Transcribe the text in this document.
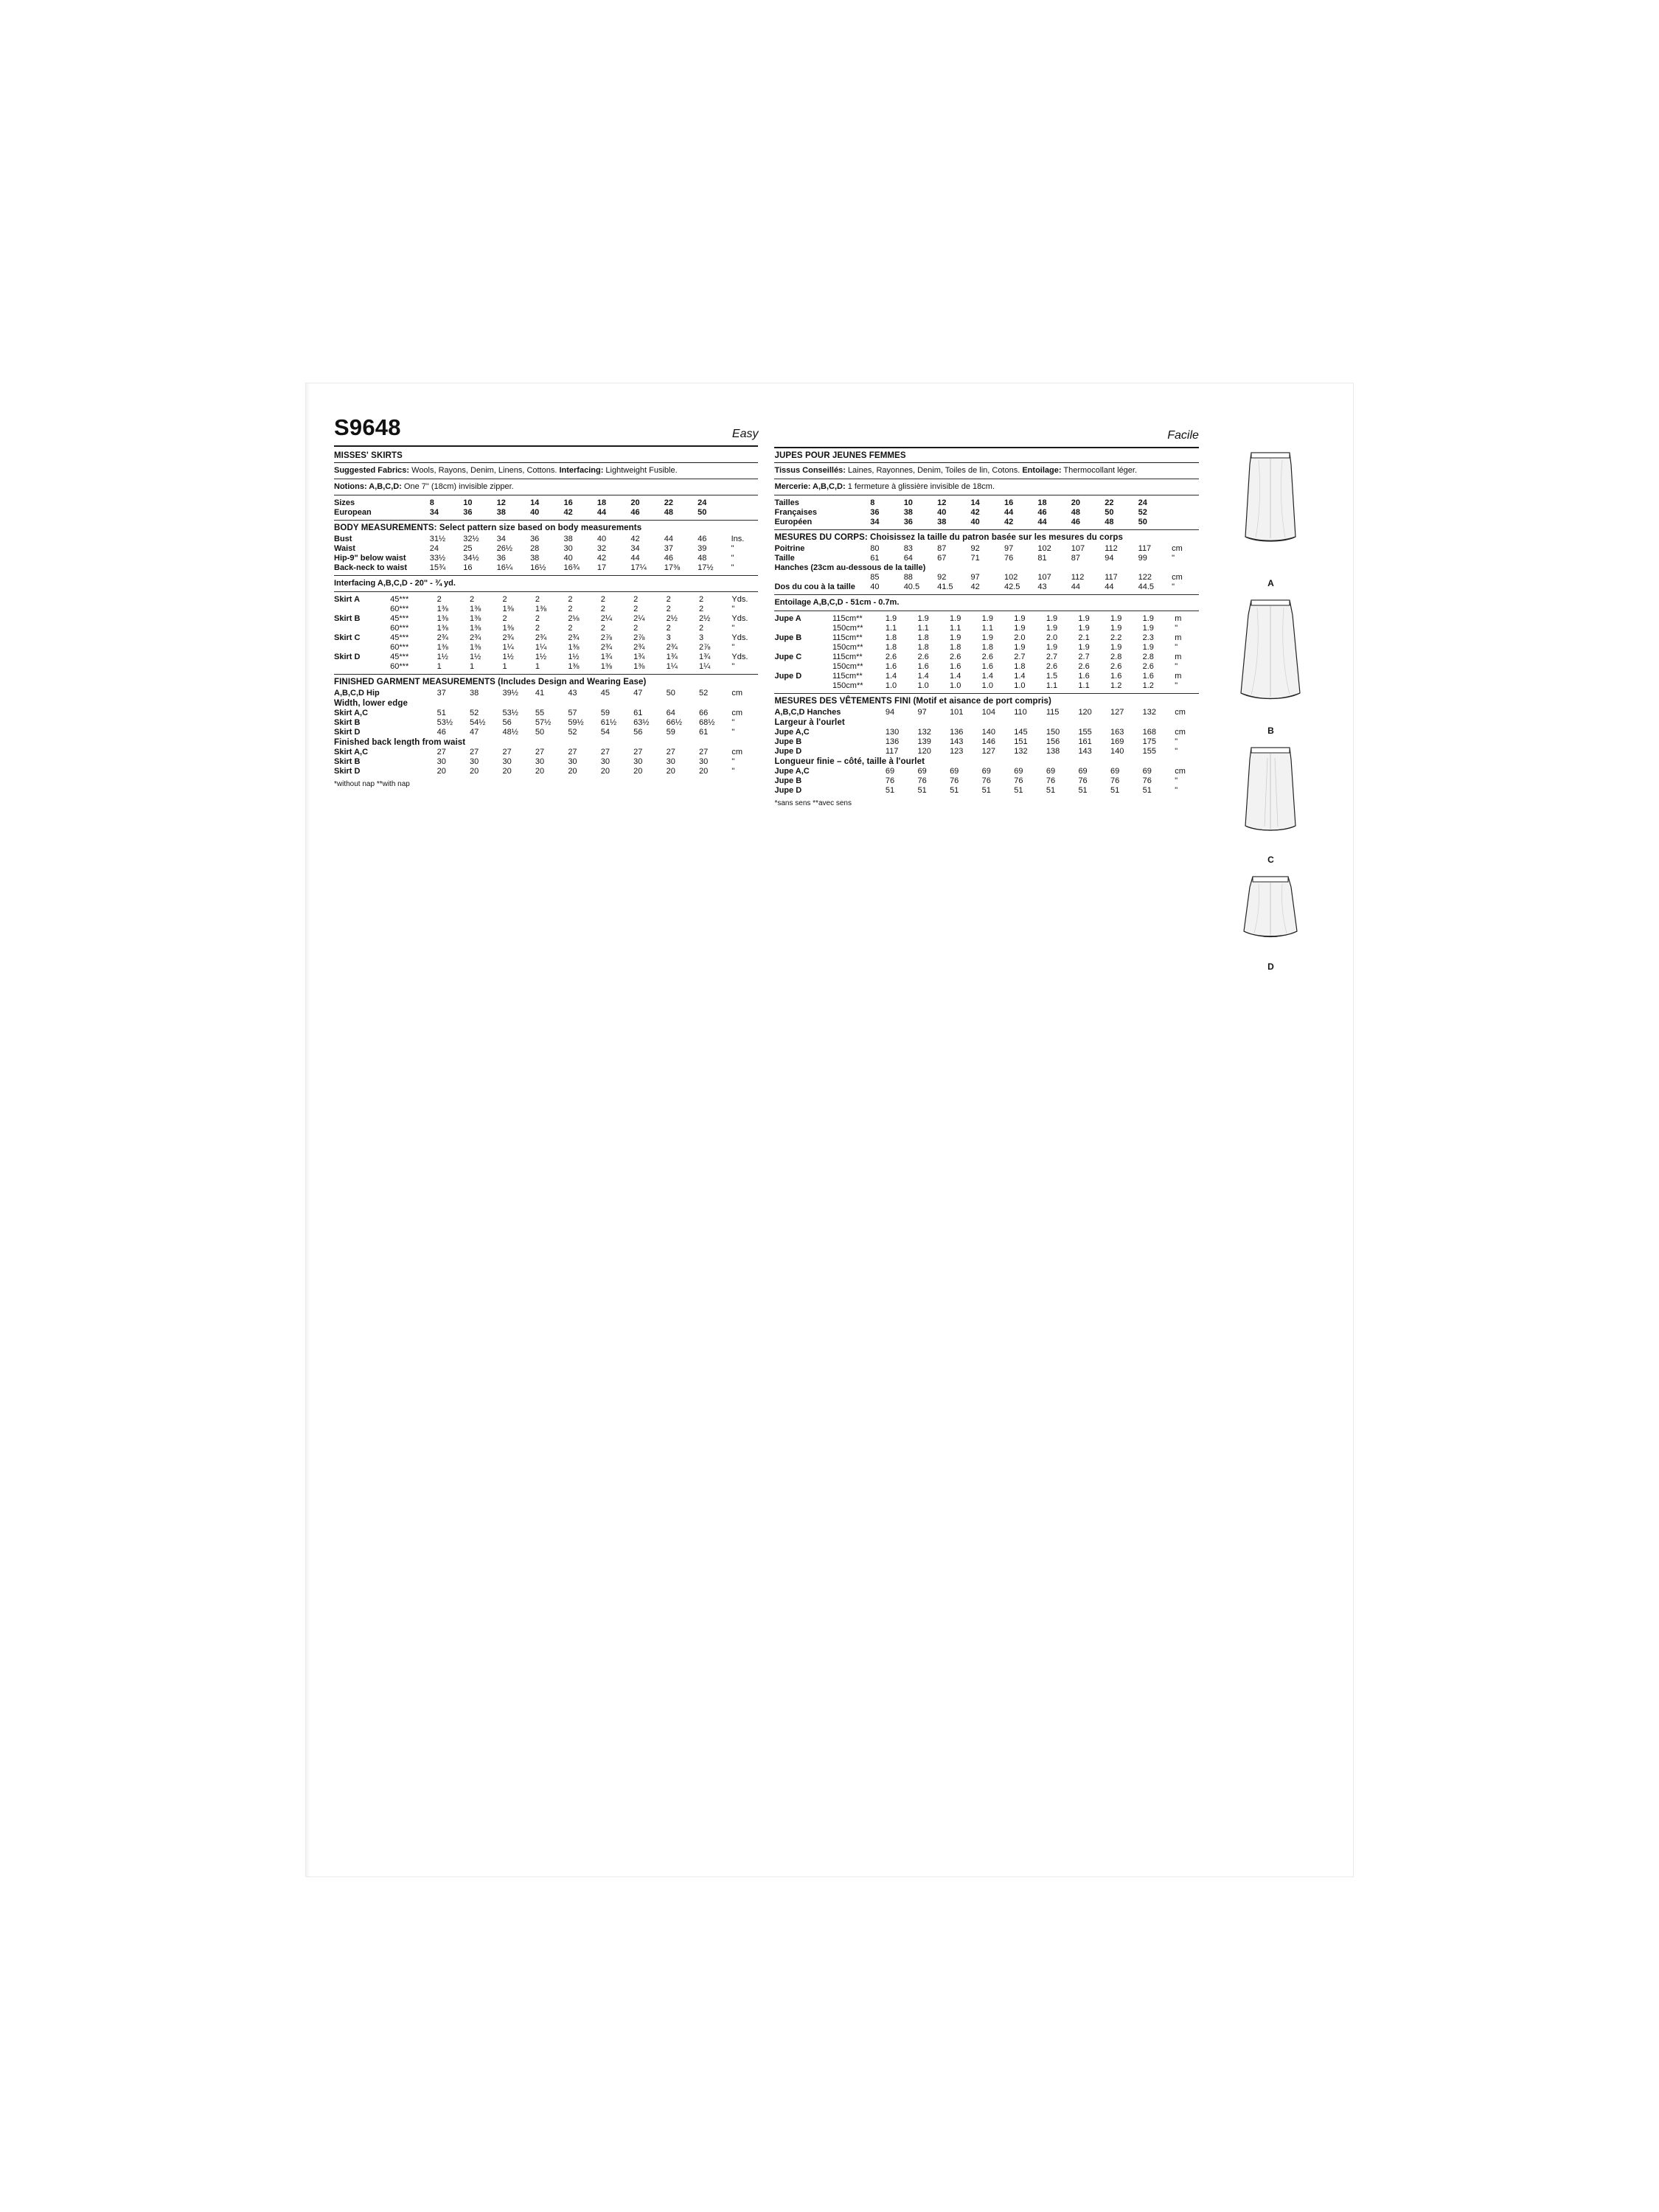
S9648	Easy	Facile
MISSES' SKIRTS
Suggested Fabrics: Wools, Rayons, Denim, Linens, Cottons. Interfacing: Lightweight Fusible.
Notions: A,B,C,D: One 7" (18cm) invisible zipper.
Sizes	8	10	12	14	16	18	20	22	24	
European	34	36	38	40	42	44	46	48	50	
BODY MEASUREMENTS: Select pattern size based on body measurements
Bust	31½	32½	34	36	38	40	42	44	46	Ins.
Waist	24	25	26½	28	30	32	34	37	39	"
Hip-9" below waist	33½	34½	36	38	40	42	44	46	48	"
Back-neck to waist	15¾	16	16¼	16½	16¾	17	17¼	17⅜	17½	"
Interfacing A,B,C,D - 20" - ¾ yd.
Skirt A	45***	2	2	2	2	2	2	2	2	2	Yds.
	60***	1⅜	1⅜	1⅜	1⅜	2	2	2	2	2	"
Skirt B	45***	1⅜	1⅜	2	2	2⅛	2¼	2¼	2½	2½	Yds.
	60***	1⅜	1⅜	1⅜	2	2	2	2	2	2	"
Skirt C	45***	2¾	2¾	2¾	2¾	2¾	2⅞	2⅞	3	3	Yds.
	60***	1⅜	1⅜	1¼	1¼	1⅜	2¾	2¾	2¾	2⅞	"
Skirt D	45***	1½	1½	1½	1½	1½	1¾	1¾	1¾	1¾	Yds.
	60***	1	1	1	1	1⅜	1⅜	1⅜	1¼	1¼	"
FINISHED GARMENT MEASUREMENTS (Includes Design and Wearing Ease)
A,B,C,D Hip	37	38	39½	41	43	45	47	50	52	cm
Width, lower edge
Skirt A,C	51	52	53½	55	57	59	61	64	66	cm
Skirt B	53½	54½	56	57½	59½	61½	63½	66½	68½	"
Skirt D	46	47	48½	50	52	54	56	59	61	"
Finished back length from waist
Skirt A,C	27	27	27	27	27	27	27	27	27	cm
Skirt B	30	30	30	30	30	30	30	30	30	"
Skirt D	20	20	20	20	20	20	20	20	20	"
*without nap **with nap
JUPES POUR JEUNES FEMMES
Tissus Conseillés: Laines, Rayonnes, Denim, Toiles de lin, Cotons. Entoilage: Thermocollant léger.
Mercerie: A,B,C,D: 1 fermeture à glissière invisible de 18cm.
Tailles	8	10	12	14	16	18	20	22	24	
Françaises	36	38	40	42	44	46	48	50	52	
Européen	34	36	38	40	42	44	46	48	50	
MESURES DU CORPS: Choisissez la taille du patron basée sur les mesures du corps
Poitrine	80	83	87	92	97	102	107	112	117	cm
Taille	61	64	67	71	76	81	87	94	99	"
Hanches (23cm au-dessous de la taille)										
	85	88	92	97	102	107	112	117	122	cm
Dos du cou à la taille	40	40.5	41.5	42	42.5	43	44	44	44.5	"
Entoilage A,B,C,D - 51cm - 0.7m.
Jupe A	115cm**	1.9	1.9	1.9	1.9	1.9	1.9	1.9	1.9	1.9	m
	150cm**	1.1	1.1	1.1	1.1	1.9	1.9	1.9	1.9	1.9	"
Jupe B	115cm**	1.8	1.8	1.9	1.9	2.0	2.0	2.1	2.2	2.3	m
	150cm**	1.8	1.8	1.8	1.8	1.9	1.9	1.9	1.9	1.9	"
Jupe C	115cm**	2.6	2.6	2.6	2.6	2.7	2.7	2.7	2.8	2.8	m
	150cm**	1.6	1.6	1.6	1.6	1.8	2.6	2.6	2.6	2.6	"
Jupe D	115cm**	1.4	1.4	1.4	1.4	1.4	1.5	1.6	1.6	1.6	m
	150cm**	1.0	1.0	1.0	1.0	1.0	1.1	1.1	1.2	1.2	"
MESURES DES VÊTEMENTS FINI (Motif et aisance de port compris)
A,B,C,D Hanches	94	97	101	104	110	115	120	127	132	cm
Largeur à l'ourlet
Jupe A,C	130	132	136	140	145	150	155	163	168	cm
Jupe B	136	139	143	146	151	156	161	169	175	"
Jupe D	117	120	123	127	132	138	143	140	155	"
Longueur finie – côté, taille à l'ourlet
Jupe A,C	69	69	69	69	69	69	69	69	69	cm
Jupe B	76	76	76	76	76	76	76	76	76	"
Jupe D	51	51	51	51	51	51	51	51	51	"
*sans sens **avec sens
A
B
C
D
